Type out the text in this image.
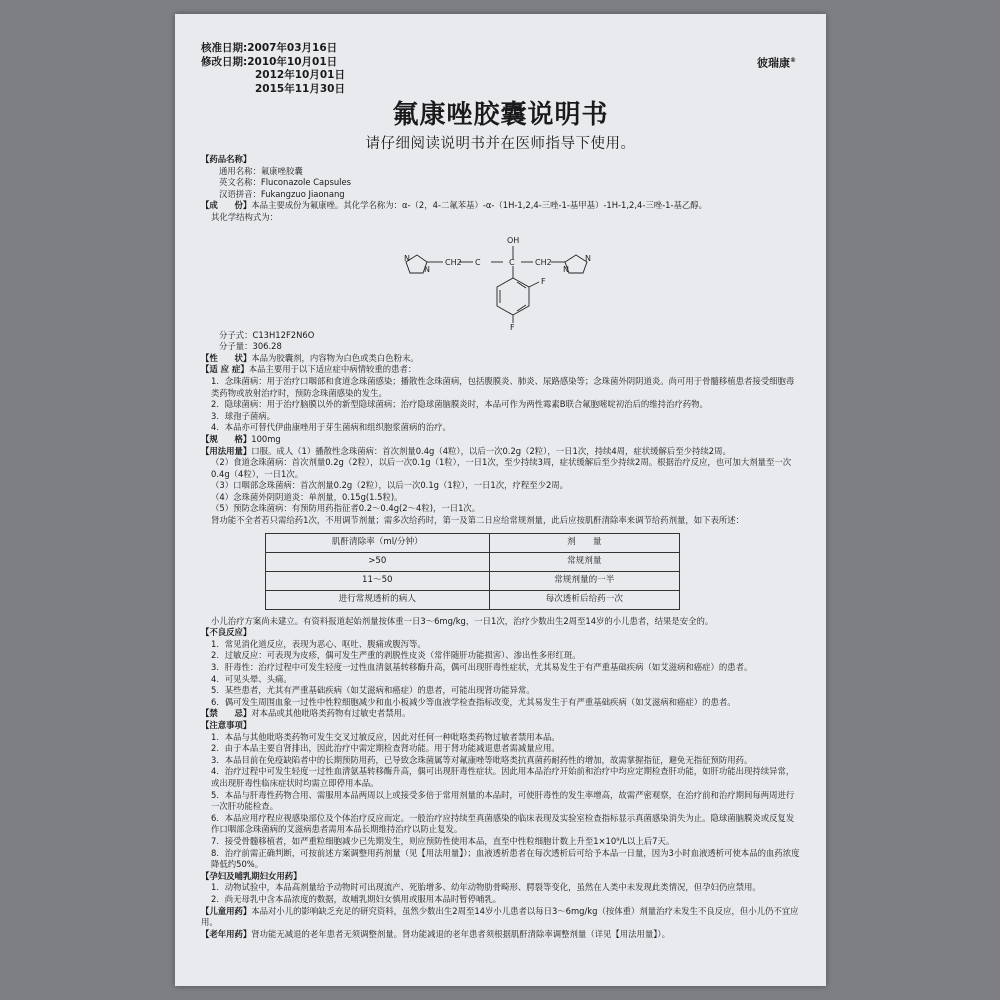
核准日期:2007年03月16日
修改日期:2010年10月01日
2012年10月01日
2015年11月30日
彼瑞康®
氟康唑胶囊说明书
请仔细阅读说明书并在医师指导下使用。

【药品名称】

通用名称：氟康唑胶囊

英文名称：Fluconazole Capsules

汉语拼音：Fukangzuo Jiaonang

【成　　份】本品主要成份为氟康唑。其化学名称为：α-（2，4-二氟苯基）-α-（1H-1,2,4-三唑-1-基甲基）-1H-1,2,4-三唑-1-基乙醇。

其化学结构式为：

N
N
CH2 C
OH
C	CH2
N
N
F
F

分子式：C13H12F2N6O

分子量：306.28

【性　　状】本品为胶囊剂，内容物为白色或类白色粉末。

【适 应 症】本品主要用于以下适应症中病情较重的患者：

1．念珠菌病：用于治疗口咽部和食道念珠菌感染；播散性念珠菌病，包括腹膜炎、肺炎、尿路感染等；念珠菌外阴阴道炎。尚可用于骨髓移植患者接受细胞毒类药物或放射治疗时，预防念珠菌感染的发生。

2．隐球菌病：用于治疗脑膜以外的新型隐球菌病；治疗隐球菌脑膜炎时，本品可作为两性霉素B联合氟胞嘧啶初治后的维持治疗药物。

3．球孢子菌病。

4．本品亦可替代伊曲康唑用于芽生菌病和组织胞浆菌病的治疗。

【规　　格】100mg

【用法用量】口服。成人（1）播散性念珠菌病：首次剂量0.4g（4粒），以后一次0.2g（2粒），一日1次，持续4周，症状缓解后至少持续2周。

（2）食道念珠菌病：首次剂量0.2g（2粒），以后一次0.1g（1粒），一日1次，至少持续3周，症状缓解后至少持续2周。根据治疗反应，也可加大剂量至一次0.4g（4粒），一日1次。

（3）口咽部念珠菌病：首次剂量0.2g（2粒），以后一次0.1g（1粒），一日1次，疗程至少2周。

（4）念珠菌外阴阴道炎：单剂量，0.15g(1.5粒)。

（5）预防念珠菌病：有预防用药指征者0.2～0.4g(2～4粒)，一日1次。

肾功能不全者若只需给药1次，不用调节剂量；需多次给药时，第一及第二日应给常规剂量，此后应按肌酐清除率来调节给药剂量，如下表所述：

肌酐清除率（ml/分钟）	剂　　量
>50	常规剂量
11～50	常规剂量的一半
进行常规透析的病人	每次透析后给药一次

小儿治疗方案尚未建立。有资料报道起始剂量按体重一日3～6mg/kg，一日1次，治疗少数出生2周至14岁的小儿患者，结果是安全的。

【不良反应】

1．常见消化道反应，表现为恶心、呕吐、腹痛或腹泻等。

2．过敏反应：可表现为皮疹，偶可发生严重的剥脱性皮炎（常伴随肝功能损害）、渗出性多形红斑。

3．肝毒性：治疗过程中可发生轻度一过性血清氨基转移酶升高，偶可出现肝毒性症状，尤其易发生于有严重基础疾病（如艾滋病和癌症）的患者。

4．可见头晕、头痛。

5．某些患者，尤其有严重基础疾病（如艾滋病和癌症）的患者，可能出现肾功能异常。

6．偶可发生周围血象一过性中性粒细胞减少和血小板减少等血液学检查指标改变，尤其易发生于有严重基础疾病（如艾滋病和癌症）的患者。

【禁　　忌】对本品或其他吡咯类药物有过敏史者禁用。

【注意事项】

1．本品与其他吡咯类药物可发生交叉过敏反应，因此对任何一种吡咯类药物过敏者禁用本品。

2．由于本品主要自肾排出，因此治疗中需定期检查肾功能。用于肾功能减退患者需减量应用。

3．本品目前在免疫缺陷者中的长期预防用药，已导致念珠菌属等对氟康唑等吡咯类抗真菌药耐药性的增加，故需掌握指征，避免无指征预防用药。

4．治疗过程中可发生轻度一过性血清氨基转移酶升高，偶可出现肝毒性症状。因此用本品治疗开始前和治疗中均应定期检查肝功能，如肝功能出现持续异常，或出现肝毒性临床症状时均需立即停用本品。

5．本品与肝毒性药物合用、需服用本品两周以上或接受多倍于常用剂量的本品时，可使肝毒性的发生率增高，故需严密观察，在治疗前和治疗期间每两周进行一次肝功能检查。

6．本品应用疗程应视感染部位及个体治疗反应而定。一般治疗应持续至真菌感染的临床表现及实验室检查指标显示真菌感染消失为止。隐球菌脑膜炎或反复发作口咽部念珠菌病的艾滋病患者需用本品长期维持治疗以防止复发。

7．接受骨髓移植者，如严重粒细胞减少已先期发生，则应预防性使用本品，直至中性粒细胞计数上升至1×10⁹/L以上后7天。

8．治疗前需正确判断，可按前述方案调整用药剂量（见【用法用量】）；血液透析患者在每次透析后可给予本品一日量，因为3小时血液透析可使本品的血药浓度降低约50%。

【孕妇及哺乳期妇女用药】

1．动物试验中，本品高剂量给予动物时可出现流产、死胎增多、幼年动物肋骨畸形、腭裂等变化，虽然在人类中未发现此类情况，但孕妇仍应禁用。

2．尚无母乳中含本品浓度的数据，故哺乳期妇女慎用或服用本品时暂停哺乳。

【儿童用药】本品对小儿的影响缺乏充足的研究资料，虽然少数出生2周至14岁小儿患者以每日3～6mg/kg（按体重）剂量治疗未发生不良反应，但小儿仍不宜应用。

【老年用药】肾功能无减退的老年患者无须调整剂量。肾功能减退的老年患者须根据肌酐清除率调整剂量（详见【用法用量】）。
